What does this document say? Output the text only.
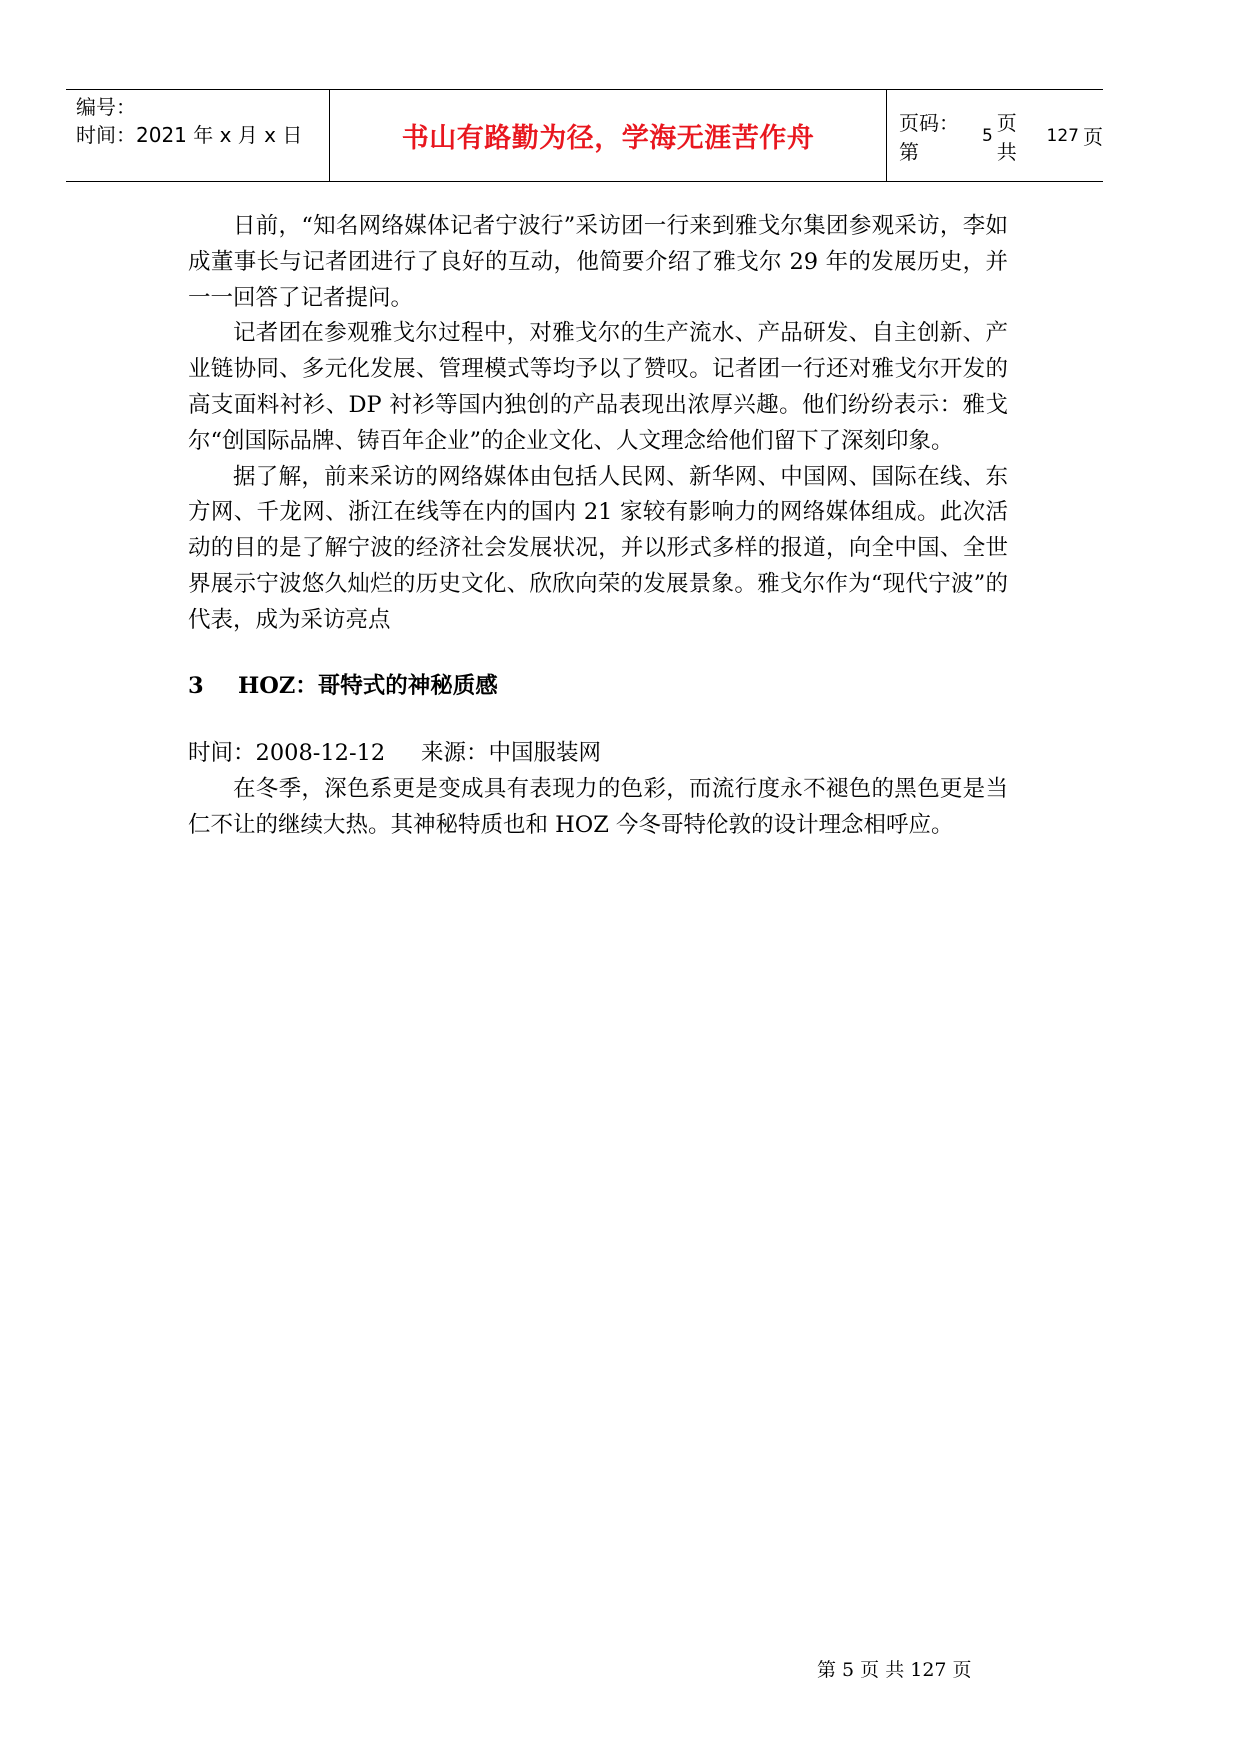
编号：
时间：2021 年 x 月 x 日	书山有路勤为径，学海无涯苦作舟
页码：第
5
页 共
127 页

日前，“知名网络媒体记者宁波行”采访团一行来到雅戈尔集团参观采访，李如成董事长与记者团进行了良好的互动，他简要介绍了雅戈尔 29 年的发展历史，并一一回答了记者提问。

记者团在参观雅戈尔过程中，对雅戈尔的生产流水、产品研发、自主创新、产业链协同、多元化发展、管理模式等均予以了赞叹。记者团一行还对雅戈尔开发的高支面料衬衫、DP 衬衫等国内独创的产品表现出浓厚兴趣。他们纷纷表示：雅戈尔“创国际品牌、铸百年企业”的企业文化、人文理念给他们留下了深刻印象。

据了解，前来采访的网络媒体由包括人民网、新华网、中国网、国际在线、东方网、千龙网、浙江在线等在内的国内 21 家较有影响力的网络媒体组成。此次活动的目的是了解宁波的经济社会发展状况，并以形式多样的报道，向全中国、全世界展示宁波悠久灿烂的历史文化、欣欣向荣的发展景象。雅戈尔作为“现代宁波”的代表，成为采访亮点

3 HOZ：哥特式的神秘质感
时间：2008-12-12     来源：中国服装网

在冬季，深色系更是变成具有表现力的色彩，而流行度永不褪色的黑色更是当仁不让的继续大热。其神秘特质也和 HOZ 今冬哥特伦敦的设计理念相呼应。

第 5 页 共 127 页
